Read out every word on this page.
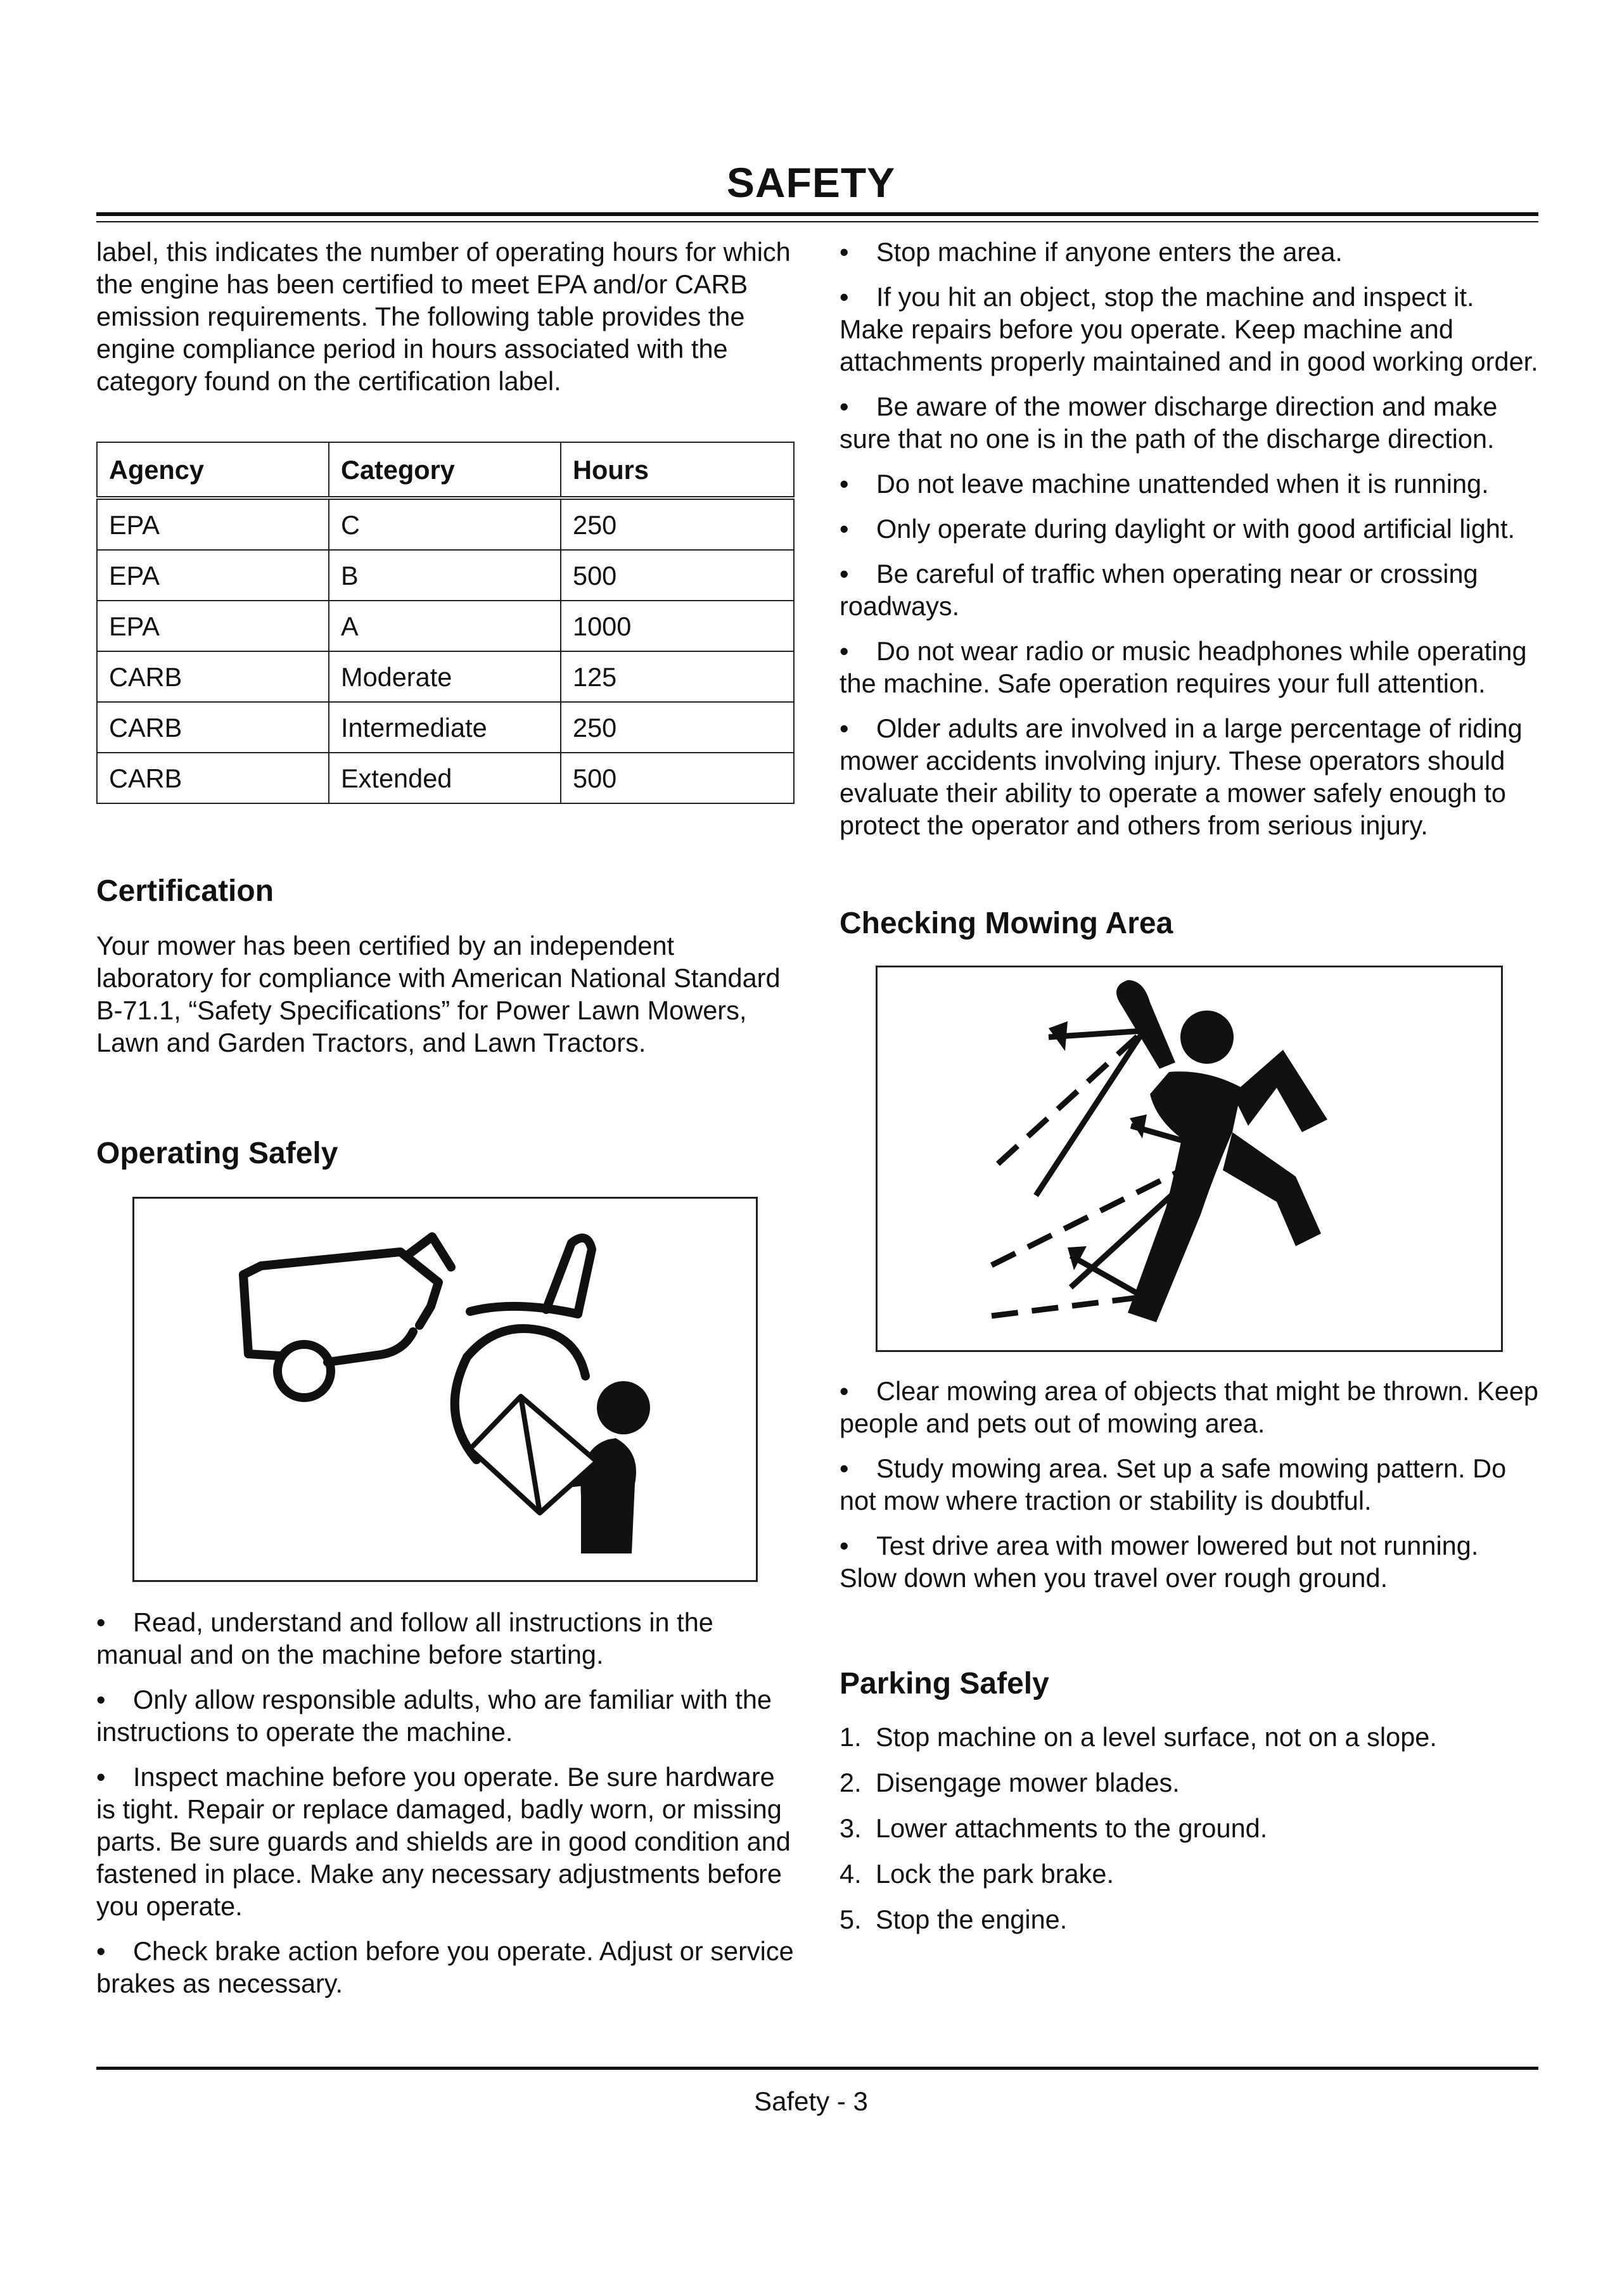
SAFETY

label, this indicates the number of operating hours for which the engine has been certified to meet EPA and/or CARB emission requirements. The following table provides the engine compliance period in hours associated with the category found on the certification label.

Agency	Category	Hours
EPA	C	250
EPA	B	500
EPA	A	1000
CARB	Moderate	125
CARB	Intermediate	250
CARB	Extended	500
Certification

Your mower has been certified by an independent laboratory for compliance with American National Standard B-71.1, “Safety Specifications” for Power Lawn Mowers, Lawn and Garden Tractors, and Lawn Tractors.

Operating Safely

• Read, understand and follow all instructions in the manual and on the machine before starting.

• Only allow responsible adults, who are familiar with the instructions to operate the machine.

• Inspect machine before you operate. Be sure hardware is tight. Repair or replace damaged, badly worn, or missing parts. Be sure guards and shields are in good condition and fastened in place. Make any necessary adjustments before you operate.

• Check brake action before you operate. Adjust or service brakes as necessary.

• Stop machine if anyone enters the area.

• If you hit an object, stop the machine and inspect it. Make repairs before you operate. Keep machine and attachments properly maintained and in good working order.

• Be aware of the mower discharge direction and make sure that no one is in the path of the discharge direction.

• Do not leave machine unattended when it is running.

• Only operate during daylight or with good artificial light.

• Be careful of traffic when operating near or crossing roadways.

• Do not wear radio or music headphones while operating the machine. Safe operation requires your full attention.

• Older adults are involved in a large percentage of riding mower accidents involving injury. These operators should evaluate their ability to operate a mower safely enough to protect the operator and others from serious injury.

Checking Mowing Area

• Clear mowing area of objects that might be thrown. Keep people and pets out of mowing area.

• Study mowing area. Set up a safe mowing pattern. Do not mow where traction or stability is doubtful.

• Test drive area with mower lowered but not running. Slow down when you travel over rough ground.

Parking Safely

1. Stop machine on a level surface, not on a slope.

2. Disengage mower blades.

3. Lower attachments to the ground.

4. Lock the park brake.

5. Stop the engine.

Safety - 3
